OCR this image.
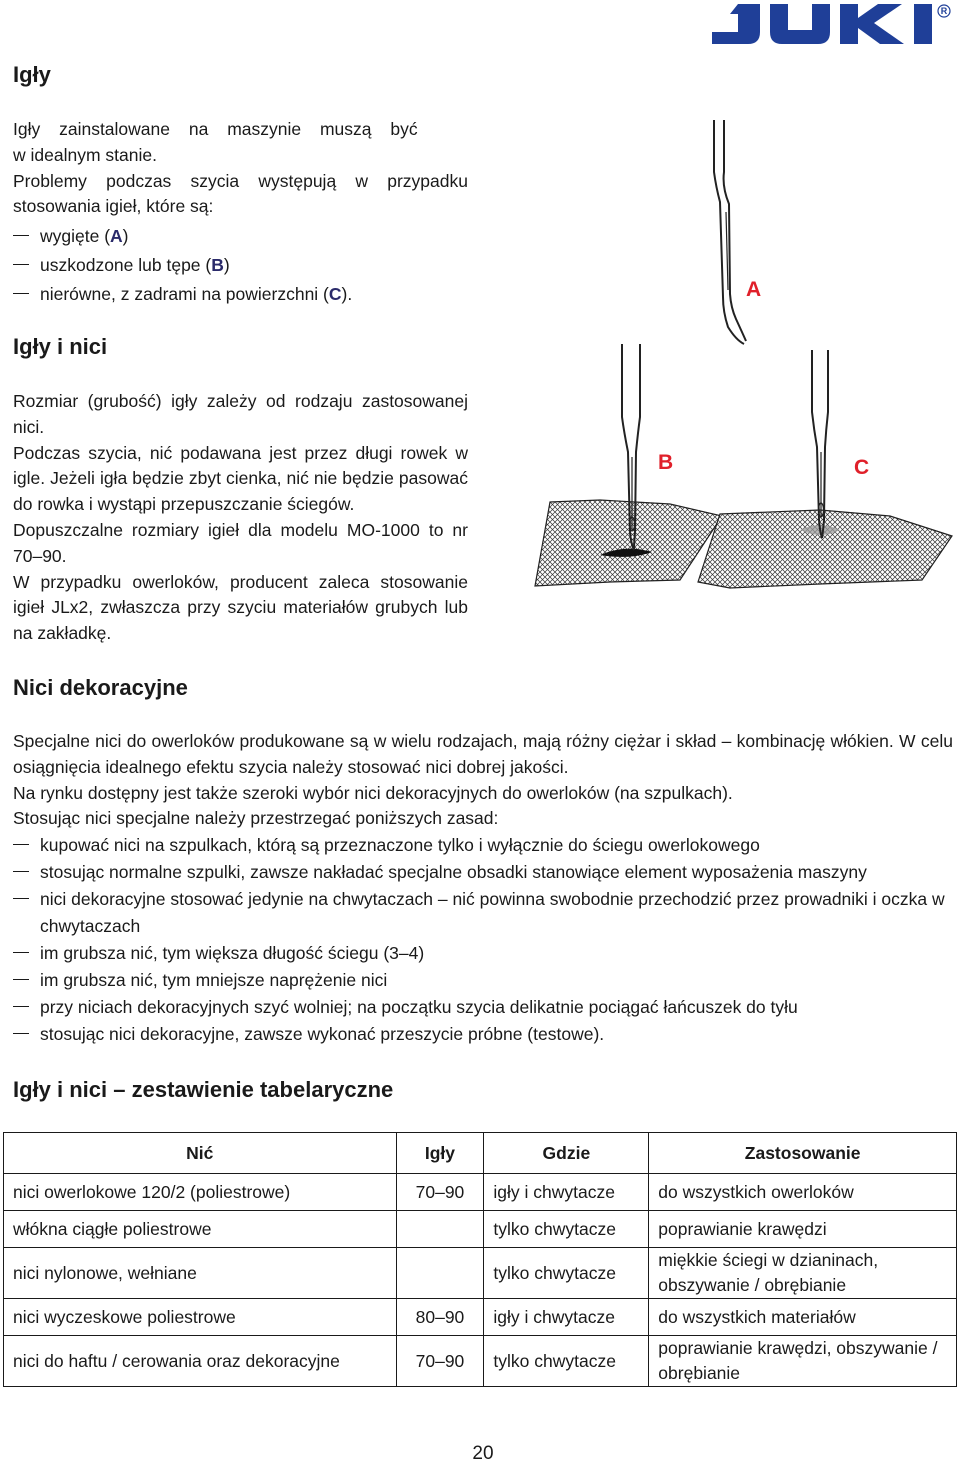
R
Igły
Igły zainstalowane na maszynie muszą być
w idealnym stanie.
Problemy podczas szycia występują w przypadku stosowania igieł, które są:
wygięte (A)
uszkodzone lub tępe (B)
nierówne, z zadrami na powierzchni (C).
Igły i nici
Rozmiar (grubość) igły zależy od rodzaju zastosowanej nici.
Podczas szycia, nić podawana jest przez długi rowek w igle. Jeżeli igła będzie zbyt cienka, nić nie będzie pasować do rowka i wystąpi przepuszczanie ściegów.
Dopuszczalne rozmiary igieł dla modelu MO-1000 to nr 70–90.
W przypadku owerloków, producent zaleca stosowanie igieł JLx2, zwłaszcza przy szyciu materiałów grubych lub na zakładkę.
A
B	C
Nici dekoracyjne
Specjalne nici do owerloków produkowane są w wielu rodzajach, mają różny ciężar i skład – kombinację włókien. W celu osiągnięcia idealnego efektu szycia należy stosować nici dobrej jakości.
Na rynku dostępny jest także szeroki wybór nici dekoracyjnych do owerloków (na szpulkach).
Stosując nici specjalne należy przestrzegać poniższych zasad:
kupować nici na szpulkach, którą są przeznaczone tylko i wyłącznie do ściegu owerlokowego
stosując normalne szpulki, zawsze nakładać specjalne obsadki stanowiące element wyposażenia maszyny
nici dekoracyjne stosować jedynie na chwytaczach – nić powinna swobodnie przechodzić przez prowadniki i oczka w chwytaczach
im grubsza nić, tym większa długość ściegu (3–4)
im grubsza nić, tym mniejsze naprężenie nici
przy niciach dekoracyjnych szyć wolniej; na początku szycia delikatnie pociągać łańcuszek do tyłu
stosując nici dekoracyjne, zawsze wykonać przeszycie próbne (testowe).
Igły i nici – zestawienie tabelaryczne
Nić	Igły	Gdzie	Zastosowanie
nici owerlokowe 120/2 (poliestrowe)	70–90	igły i chwytacze	do wszystkich owerloków
włókna ciągłe poliestrowe		tylko chwytacze	poprawianie krawędzi
nici nylonowe, wełniane		tylko chwytacze	miękkie ściegi w dzianinach, obszywanie / obrębianie
nici wyczeskowe poliestrowe	80–90	igły i chwytacze	do wszystkich materiałów
nici do haftu / cerowania oraz dekoracyjne	70–90	tylko chwytacze	poprawianie krawędzi, obszywanie / obrębianie
20
